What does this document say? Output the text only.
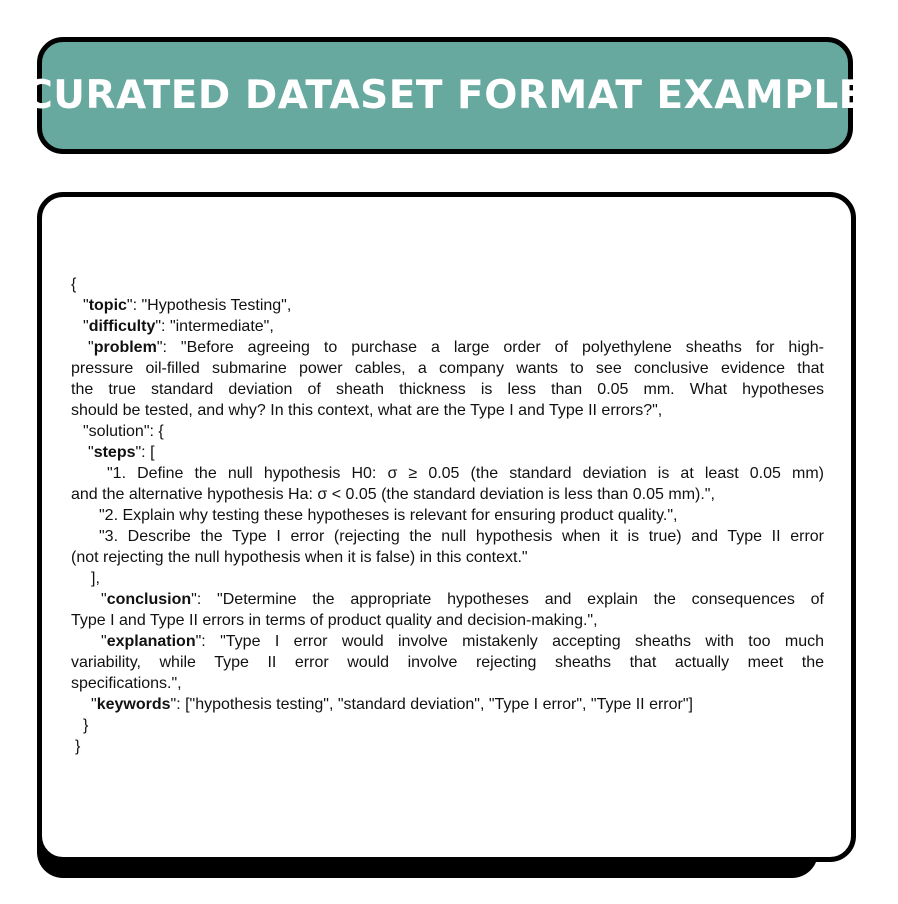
CURATED DATASET FORMAT EXAMPLE
{
"topic": "Hypothesis Testing",
"difficulty": "intermediate",
"problem": "Before agreeing to purchase a large order of polyethylene sheaths for high-
pressure oil-filled submarine power cables, a company wants to see conclusive evidence that
the true standard deviation of sheath thickness is less than 0.05 mm. What hypotheses
should be tested, and why? In this context, what are the Type I and Type II errors?",
"solution": {
"steps": [
"1. Define the null hypothesis H0: σ ≥ 0.05 (the standard deviation is at least 0.05 mm)
and the alternative hypothesis Ha: σ < 0.05 (the standard deviation is less than 0.05 mm).",
"2. Explain why testing these hypotheses is relevant for ensuring product quality.",
"3. Describe the Type I error (rejecting the null hypothesis when it is true) and Type II error
(not rejecting the null hypothesis when it is false) in this context."
],
"conclusion": "Determine the appropriate hypotheses and explain the consequences of
Type I and Type II errors in terms of product quality and decision-making.",
"explanation": "Type I error would involve mistakenly accepting sheaths with too much
variability, while Type II error would involve rejecting sheaths that actually meet the
specifications.",
"keywords": ["hypothesis testing", "standard deviation", "Type I error", "Type II error"]
}
}
